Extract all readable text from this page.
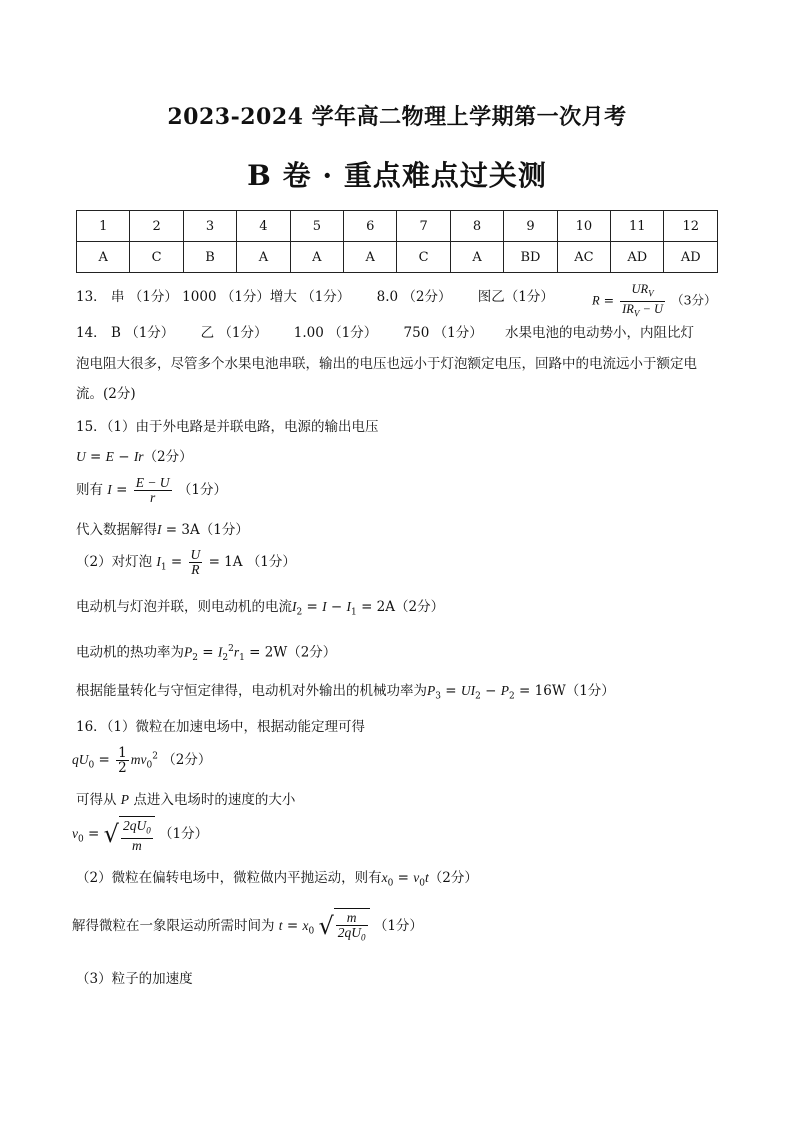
2023-2024 学年高二物理上学期第一次月考
B 卷 · 重点难点过关测
1	2	3	4	5	6	7	8	9	10	11	12
A	C	B	A	A	A	C	A	BD	AC	AD	AD
13． 串 （1分） 1000 （1分）增大 （1分） 8.0 （2分） 图乙（1分）	$R = \frac{UR_V}{IR_V - U} (3$分）
14． B （1分） 乙 （1分） 1.00 （1分） 750 （1分） 水果电池的电动势小，内阻比灯
泡电阻大很多，尽管多个水果电池串联，输出的电压也远小于灯泡额定电压，回路中的电流远小于额定电
流。(2分)
15．（1）由于外电路是并联电路，电源的输出电压
U = E − Ir（2分）
则有 $I = \frac{E - U}{r} (1$分）
代入数据解得I = 3A（1分）
（2）对灯泡 $I_1 = \frac{U}{R} = 1A$ （1分）
电动机与灯泡并联，则电动机的电流$I_2 = I - I_1 = 2A(2$分）
电动机的热功率为$P_2 = I_2^2r_1 = 2W(2$分）
根据能量转化与守恒定律得，电动机对外输出的机械功率为$P_3 = UI_2 - P_2 = 16W(1$分）
16．（1）微粒在加速电场中，根据动能定理可得
$qU_0 = \frac{1}{2} mv_0^2$ （2分）
可得从 P 点进入电场时的速度的大小
$v_0$ = √ $\frac{2qU_0}{m} (1$分）
（2）微粒在偏转电场中，微粒做内平抛运动，则有$x_0 = v_0t(2$分）
解得微粒在一象限运动所需时间为 $t = x_0$ √ $\frac{m}{2qU_0} (1$分）
（3）粒子的加速度
